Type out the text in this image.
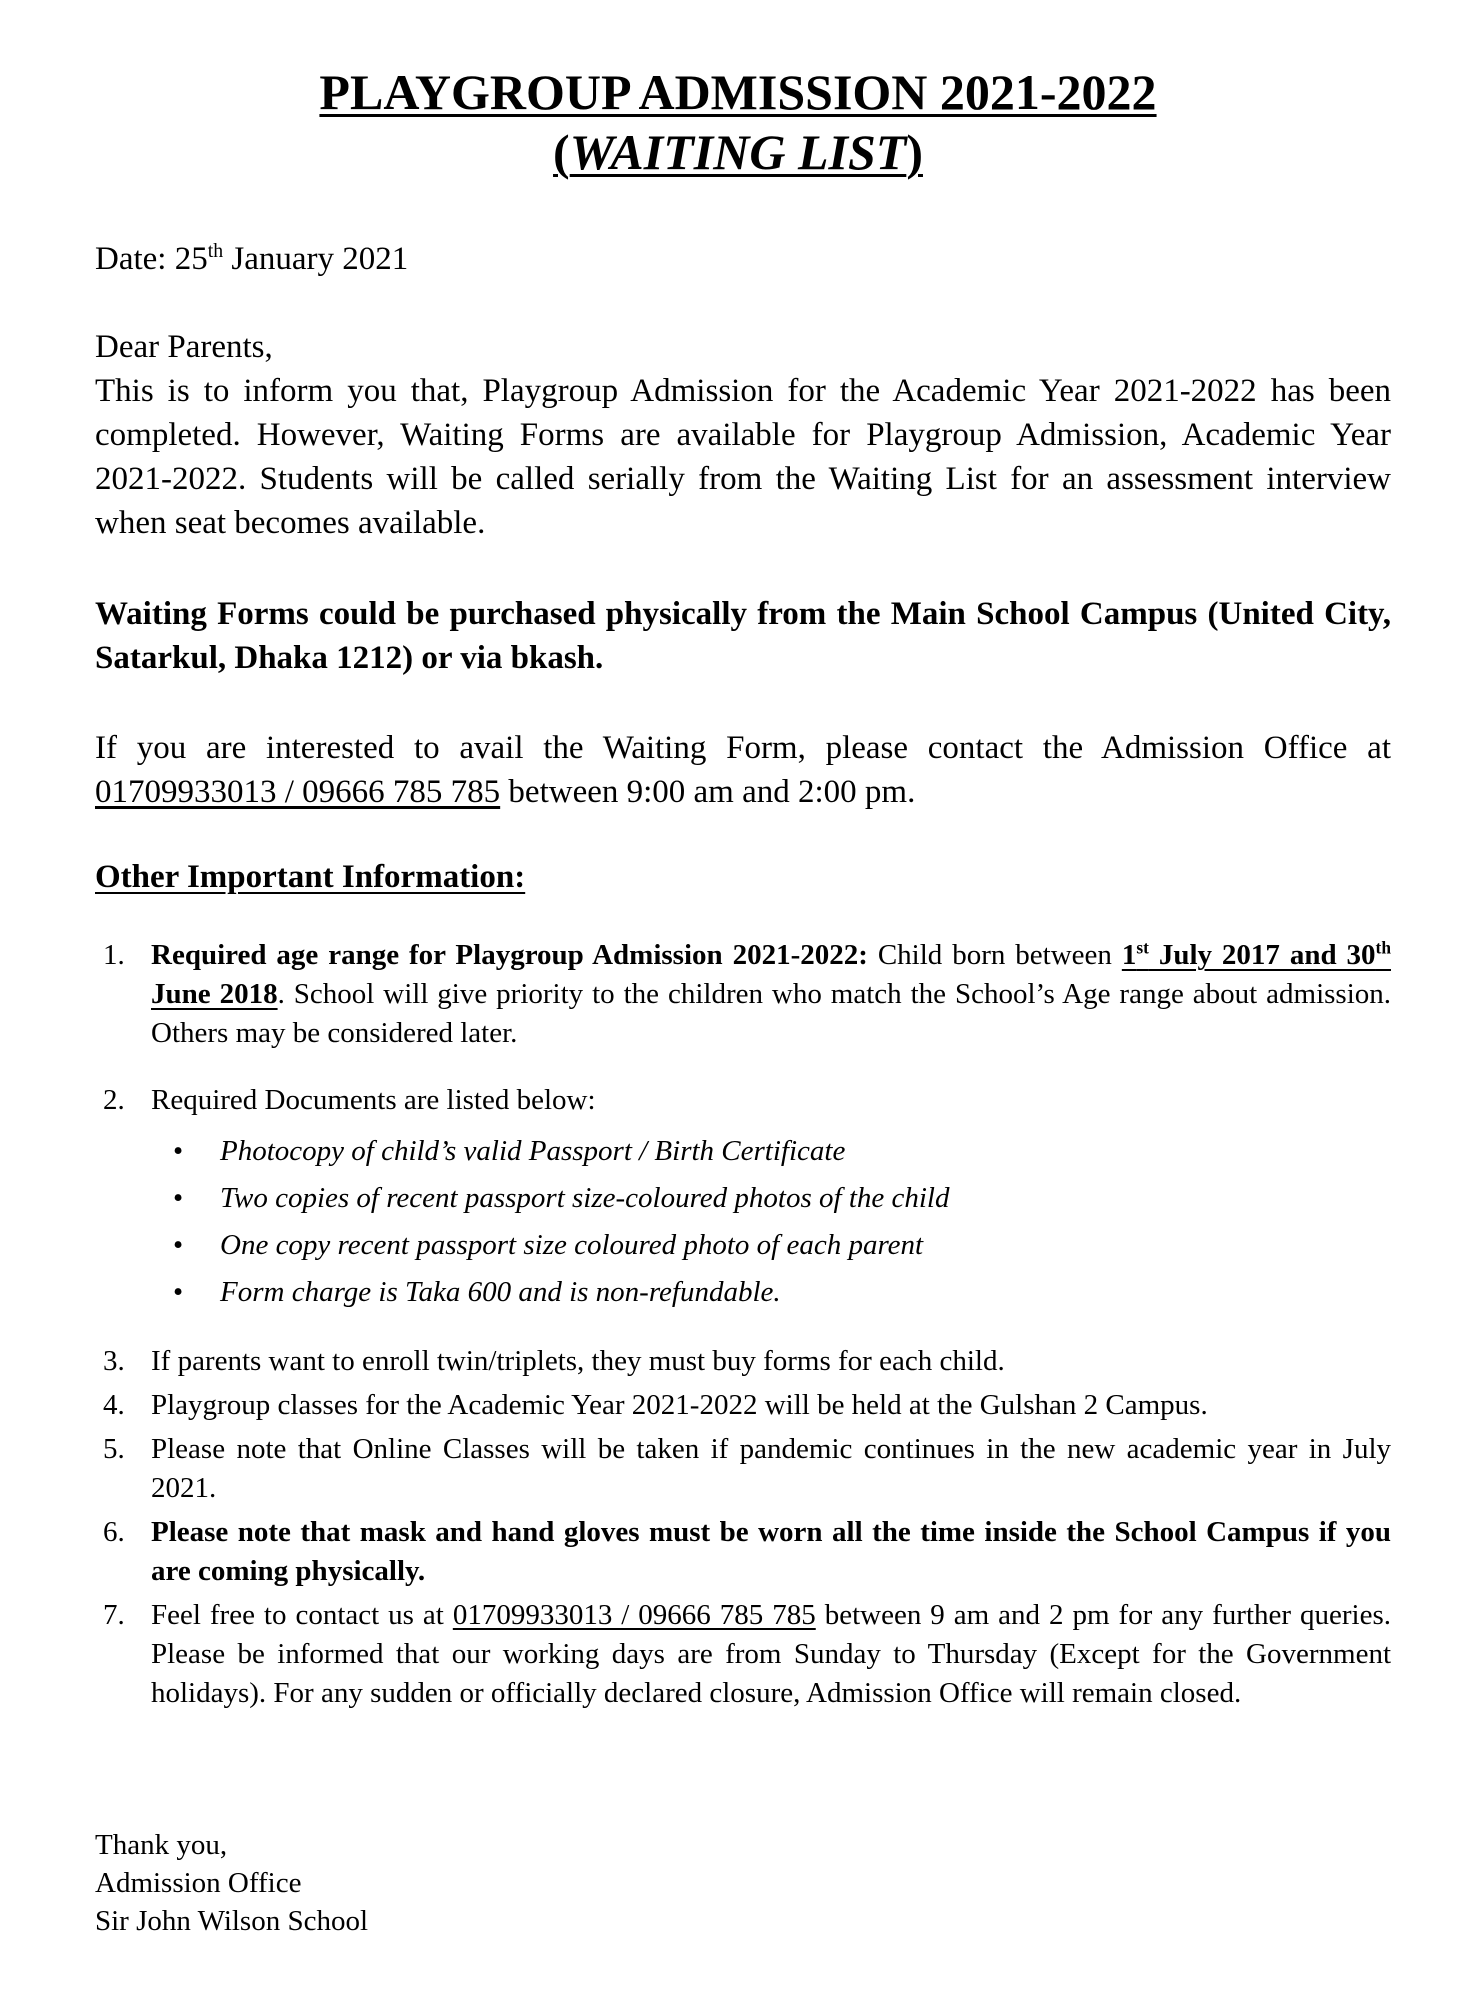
PLAYGROUP ADMISSION 2021-2022

(WAITING LIST)

Date: 25th January 2021
Dear Parents,
This is to inform you that, Playgroup Admission for the Academic Year 2021-2022 has been completed. However, Waiting Forms are available for Playgroup Admission, Academic Year 2021-2022. Students will be called serially from the Waiting List for an assessment interview when seat becomes available.
Waiting Forms could be purchased physically from the Main School Campus (United City, Satarkul, Dhaka 1212) or via bkash.
If you are interested to avail the Waiting Form, please contact the Admission Office at 01709933013 / 09666 785 785 between 9:00 am and 2:00 pm.
Other Important Information:
1. Required age range for Playgroup Admission 2021-2022: Child born between 1st July 2017 and 30th June 2018. School will give priority to the children who match the School’s Age range about admission. Others may be considered later.
2. Required Documents are listed below:
• Photocopy of child’s valid Passport / Birth Certificate
• Two copies of recent passport size-coloured photos of the child
• One copy recent passport size coloured photo of each parent
• Form charge is Taka 600 and is non-refundable.
3. If parents want to enroll twin/triplets, they must buy forms for each child.
4. Playgroup classes for the Academic Year 2021-2022 will be held at the Gulshan 2 Campus.
5. Please note that Online Classes will be taken if pandemic continues in the new academic year in July 2021.
6. Please note that mask and hand gloves must be worn all the time inside the School Campus if you are coming physically.
7. Feel free to contact us at 01709933013 / 09666 785 785 between 9 am and 2 pm for any further queries. Please be informed that our working days are from Sunday to Thursday (Except for the Government holidays). For any sudden or officially declared closure, Admission Office will remain closed.
Thank you,
Admission Office
Sir John Wilson School
